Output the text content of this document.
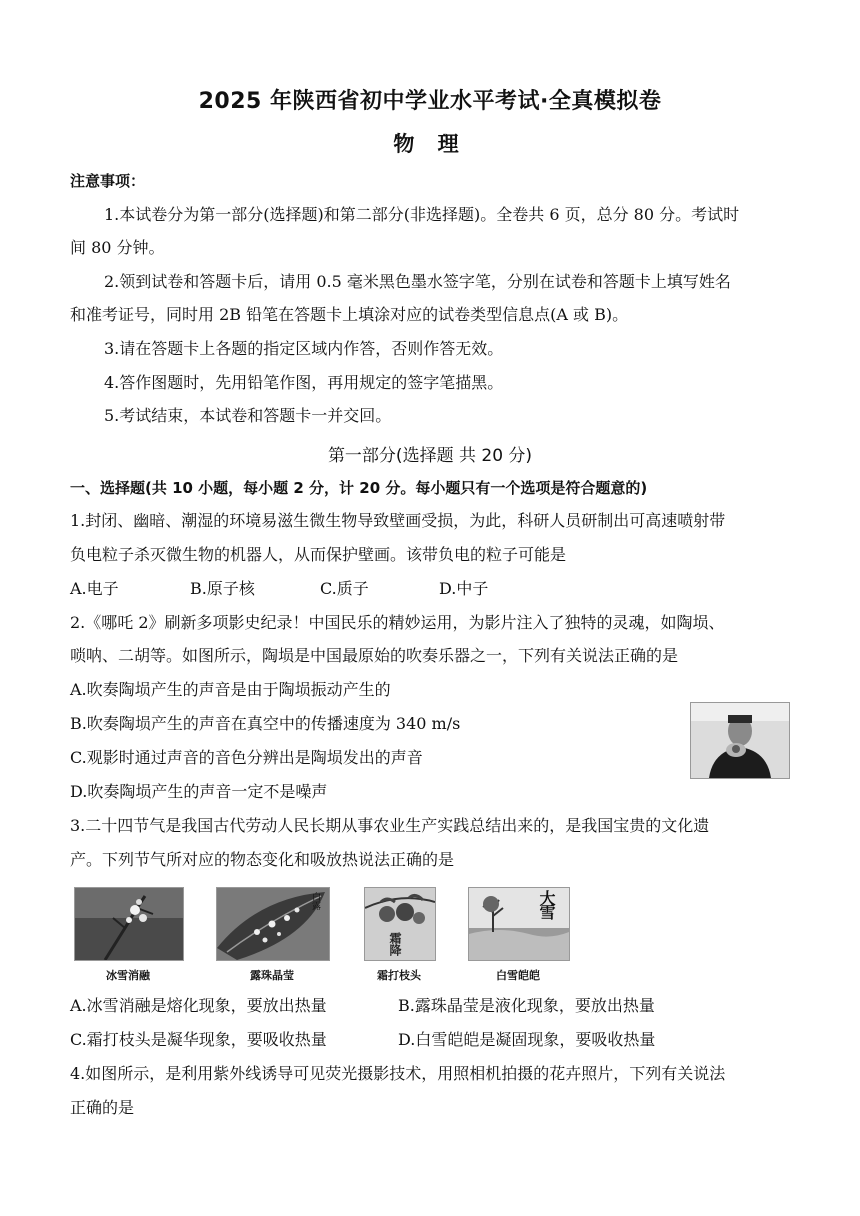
2025 年陕西省初中学业水平考试·全真模拟卷
物 理
注意事项：
1.本试卷分为第一部分(选择题)和第二部分(非选择题)。全卷共 6 页，总分 80 分。考试时
间 80 分钟。
2.领到试卷和答题卡后，请用 0.5 毫米黑色墨水签字笔，分别在试卷和答题卡上填写姓名
和准考证号，同时用 2B 铅笔在答题卡上填涂对应的试卷类型信息点(A 或 B)。
3.请在答题卡上各题的指定区域内作答，否则作答无效。
4.答作图题时，先用铅笔作图，再用规定的签字笔描黑。
5.考试结束，本试卷和答题卡一并交回。
第一部分(选择题 共 20 分)
一、选择题(共 10 小题，每小题 2 分，计 20 分。每小题只有一个选项是符合题意的)
1.封闭、幽暗、潮湿的环境易滋生微生物导致壁画受损，为此，科研人员研制出可高速喷射带
负电粒子杀灭微生物的机器人，从而保护壁画。该带负电的粒子可能是
A.电子	B.原子核	C.质子	D.中子
2.《哪吒 2》刷新多项影史纪录！中国民乐的精妙运用，为影片注入了独特的灵魂，如陶埙、
唢呐、二胡等。如图所示，陶埙是中国最原始的吹奏乐器之一，下列有关说法正确的是
A.吹奏陶埙产生的声音是由于陶埙振动产生的
B.吹奏陶埙产生的声音在真空中的传播速度为 340 m/s
C.观影时通过声音的音色分辨出是陶埙发出的声音
D.吹奏陶埙产生的声音一定不是噪声
3.二十四节气是我国古代劳动人民长期从事农业生产实践总结出来的，是我国宝贵的文化遗
产。下列节气所对应的物态变化和吸放热说法正确的是
白露
霜降
大雪
冰雪消融	露珠晶莹	霜打枝头	白雪皑皑
A.冰雪消融是熔化现象，要放出热量	B.露珠晶莹是液化现象，要放出热量
C.霜打枝头是凝华现象，要吸收热量	D.白雪皑皑是凝固现象，要吸收热量
4.如图所示，是利用紫外线诱导可见荧光摄影技术，用照相机拍摄的花卉照片，下列有关说法
正确的是
